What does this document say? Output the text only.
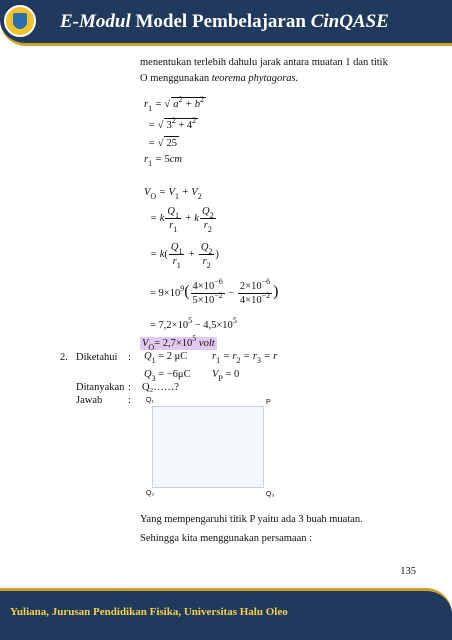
E-Modul Model Pembelajaran CinQASE
menentukan terlebih dahulu jarak antara muatan 1 dan titik
O menggunakan teorema phytagoras.
$r_1$ = √ $a^2 + b^2$
= √ $3^2 + 4^2$
= √ 25
$r_1 = 5cm$
$V_O = V_1 + V_2$
= k $\frac{Q_1}{r_1} + k \frac{Q_2}{r_2}$
= $k( \frac{Q_1}{r_1} + \frac{Q_2}{r_2}$ )
= $9\times 10^9( \frac{4\times 10^{-6}}{5\times 10^{-2}} - \frac{2\times 10^{-6}}{4\times 10^{-2}}$ )
= $7,2\times 10^5 - 4,5\times 10^5$
$V_O= 2,7\times 10^5$ volt
2. Diketahui : $Q_1 = 2$ μC $r_1 = r_2 = r_3 = r$
$Q_3 = -6\mu C$ $V_P = 0$
Ditanyakan : Q₂……?
Jawab : Q₁	P
Q₂	Q₃
Yang mempengaruhi titik P yaitu ada 3 buah muatan.
Sehingga kita menggunakan persamaan :
135
Yuliana, Jurusan Pendidikan Fisika, Universitas Halu Oleo
